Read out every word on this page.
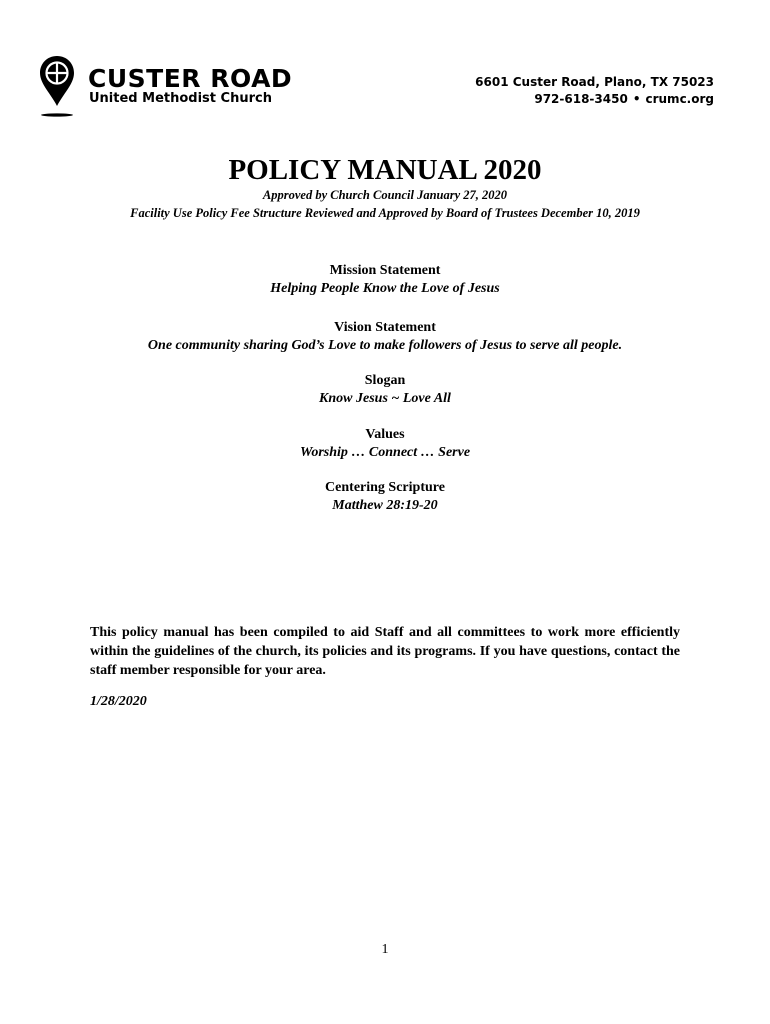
CUSTER ROAD
United Methodist Church
6601 Custer Road, Plano, TX 75023
972-618-3450 • crumc.org
POLICY MANUAL 2020
Approved by Church Council January 27, 2020
Facility Use Policy Fee Structure Reviewed and Approved by Board of Trustees December 10, 2019
Mission Statement
Helping People Know the Love of Jesus
Vision Statement
One community sharing God’s Love to make followers of Jesus to serve all people.
Slogan
Know Jesus ~ Love All
Values
Worship … Connect … Serve
Centering Scripture
Matthew 28:19-20
This policy manual has been compiled to aid Staff and all committees to work more efficiently within the guidelines of the church, its policies and its programs. If you have questions, contact the staff member responsible for your area.
1/28/2020
1
